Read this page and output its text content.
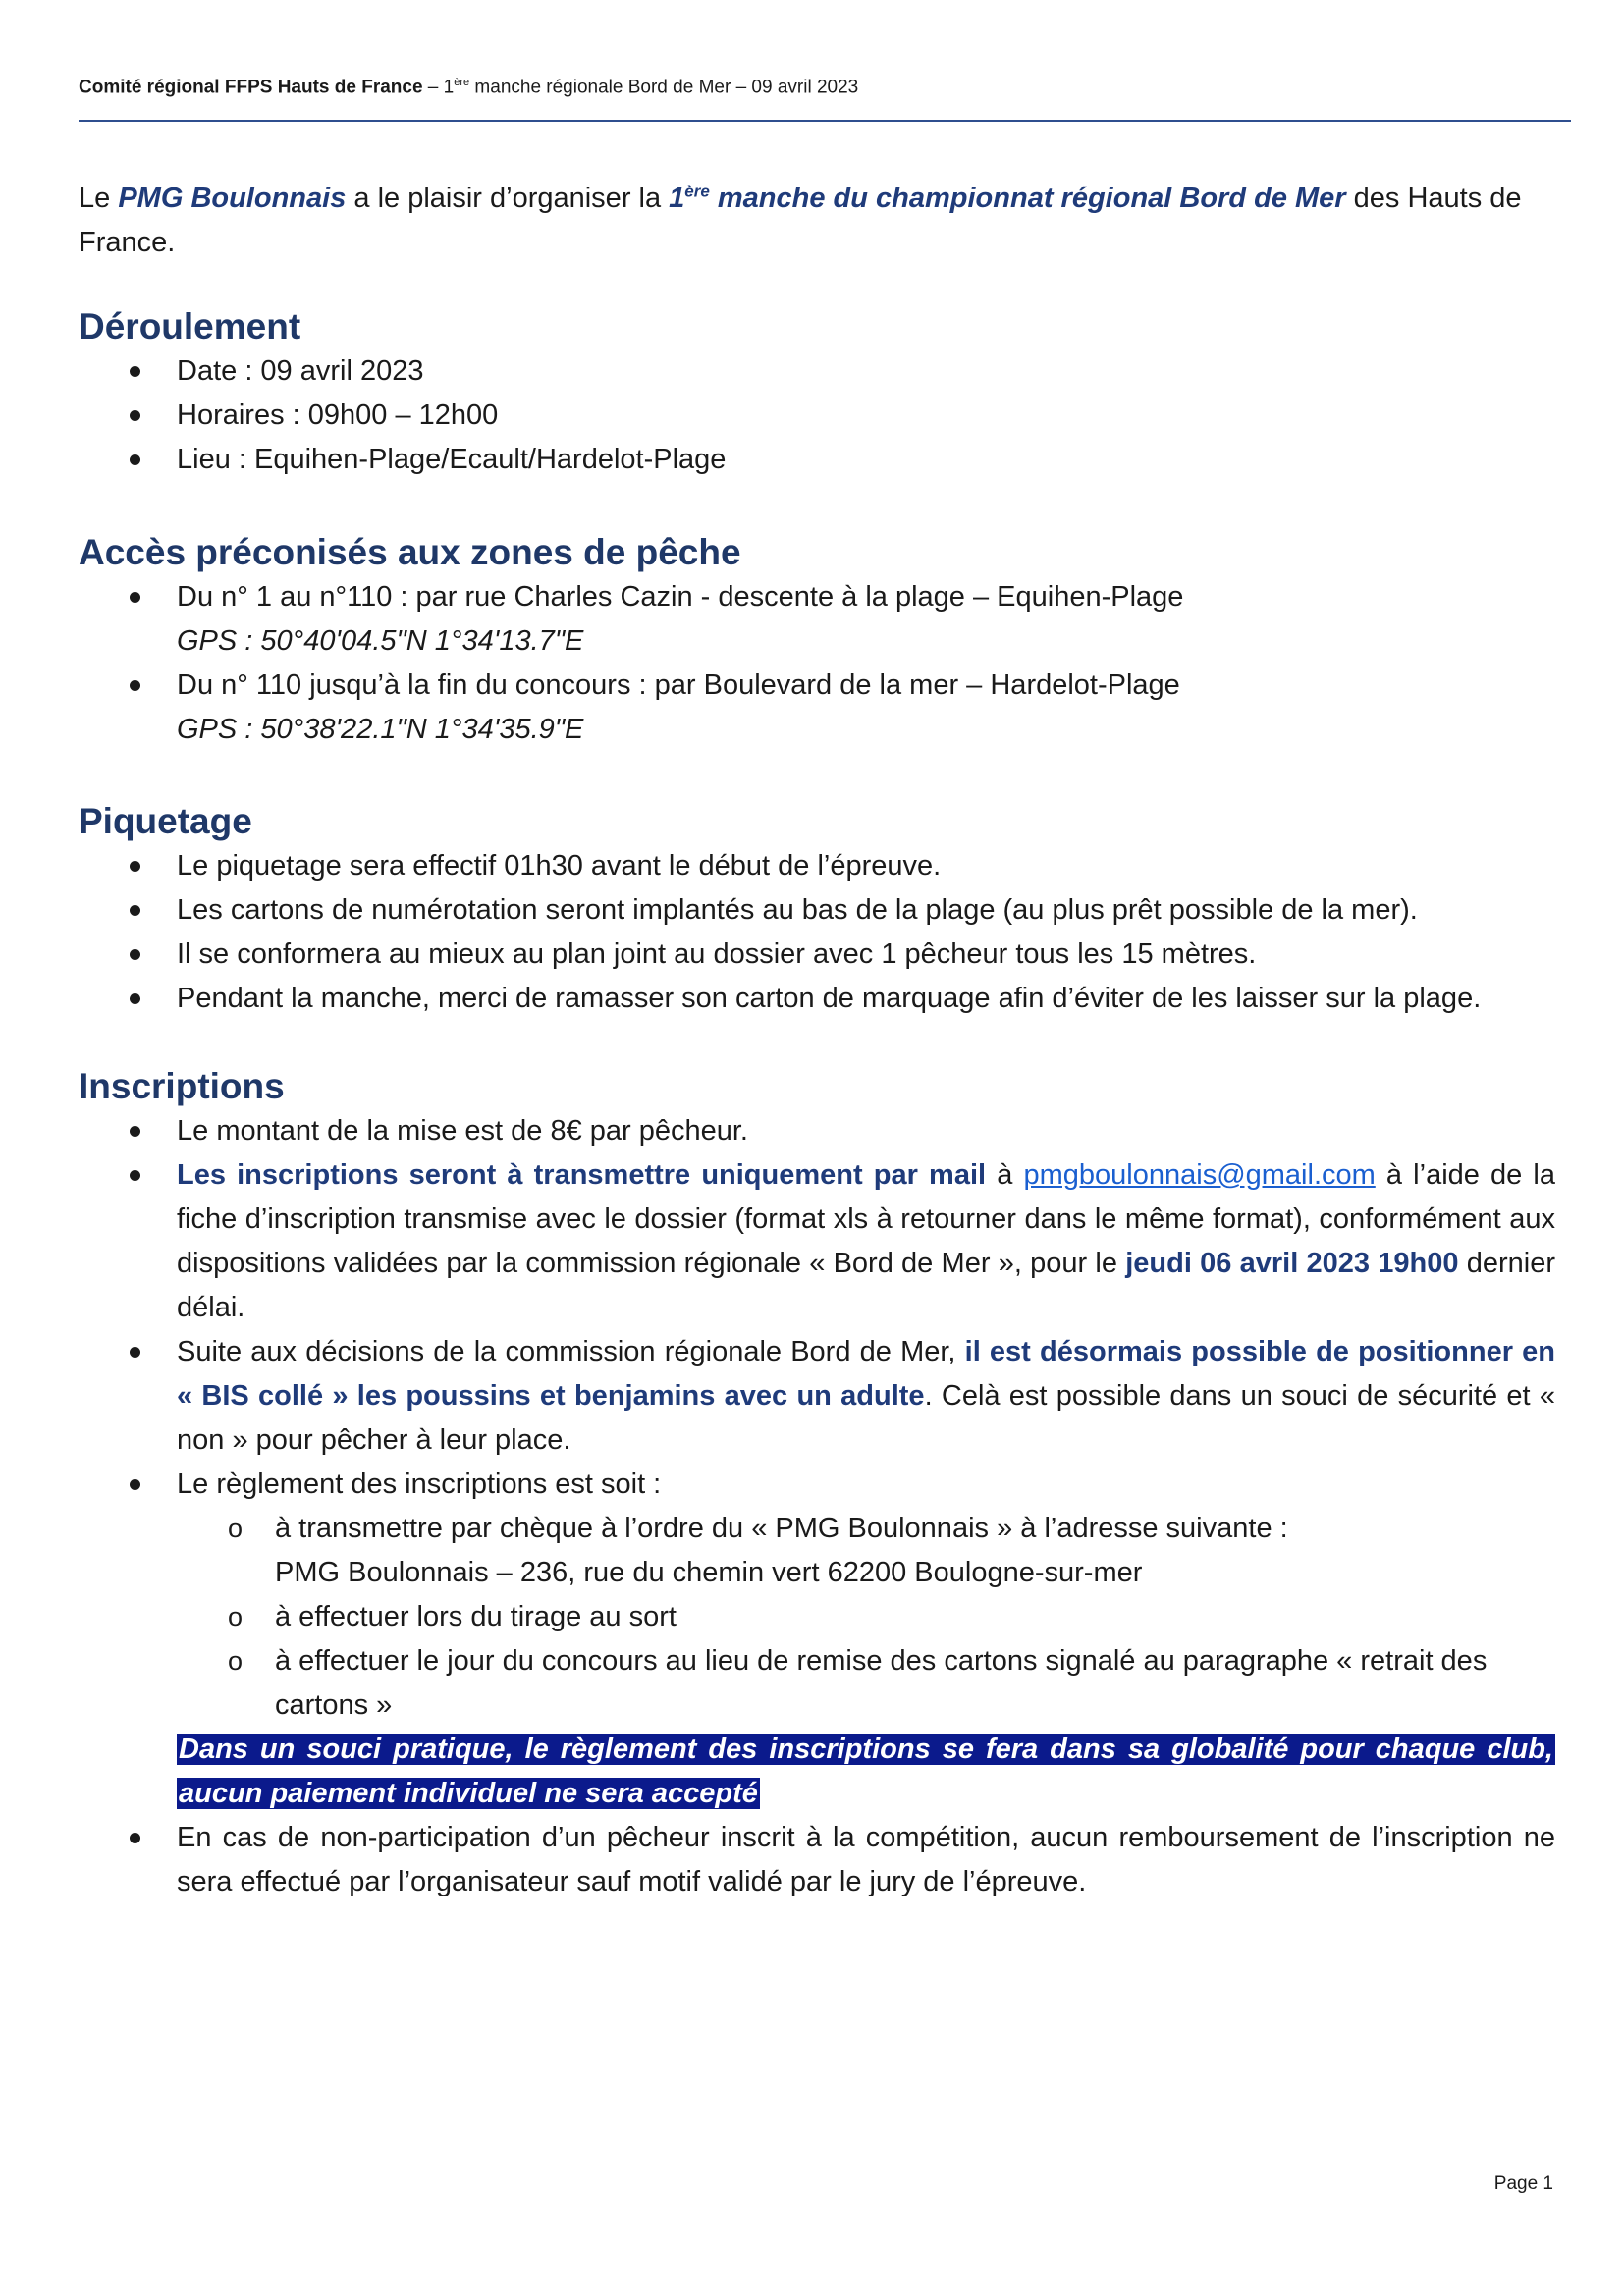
Comité régional FFPS Hauts de France – 1ère manche régionale Bord de Mer – 09 avril 2023

Le PMG Boulonnais a le plaisir d’organiser la 1ère manche du championnat régional Bord de Mer des Hauts de France.

Déroulement
Date : 09 avril 2023
Horaires : 09h00 – 12h00
Lieu : Equihen-Plage/Ecault/Hardelot-Plage
Accès préconisés aux zones de pêche
Du n° 1 au n°110 : par rue Charles Cazin - descente à la plage – Equihen-Plage
GPS : 50°40'04.5"N 1°34'13.7"E
Du n° 110 jusqu’à la fin du concours : par Boulevard de la mer – Hardelot-Plage
GPS : 50°38'22.1"N 1°34'35.9"E
Piquetage
Le piquetage sera effectif 01h30 avant le début de l’épreuve.
Les cartons de numérotation seront implantés au bas de la plage (au plus prêt possible de la mer).
Il se conformera au mieux au plan joint au dossier avec 1 pêcheur tous les 15 mètres.
Pendant la manche, merci de ramasser son carton de marquage afin d’éviter de les laisser sur la plage.
Inscriptions
Le montant de la mise est de 8€ par pêcheur.
Les inscriptions seront à transmettre uniquement par mail à pmgboulonnais@gmail.com à l’aide de la fiche d’inscription transmise avec le dossier (format xls à retourner dans le même format), conformément aux dispositions validées par la commission régionale « Bord de Mer », pour le jeudi 06 avril 2023 19h00 dernier délai.
Suite aux décisions de la commission régionale Bord de Mer, il est désormais possible de positionner en « BIS collé » les poussins et benjamins avec un adulte. Celà est possible dans un souci de sécurité et « non » pour pêcher à leur place.
Le règlement des inscriptions est soit :
o à transmettre par chèque à l’ordre du « PMG Boulonnais » à l’adresse suivante :
PMG Boulonnais – 236, rue du chemin vert 62200 Boulogne-sur-mer
o à effectuer lors du tirage au sort
o à effectuer le jour du concours au lieu de remise des cartons signalé au paragraphe « retrait des cartons »
Dans un souci pratique, le règlement des inscriptions se fera dans sa globalité pour chaque club, aucun paiement individuel ne sera accepté
En cas de non-participation d’un pêcheur inscrit à la compétition, aucun remboursement de l’inscription ne sera effectué par l’organisateur sauf motif validé par le jury de l’épreuve.
Page 1
